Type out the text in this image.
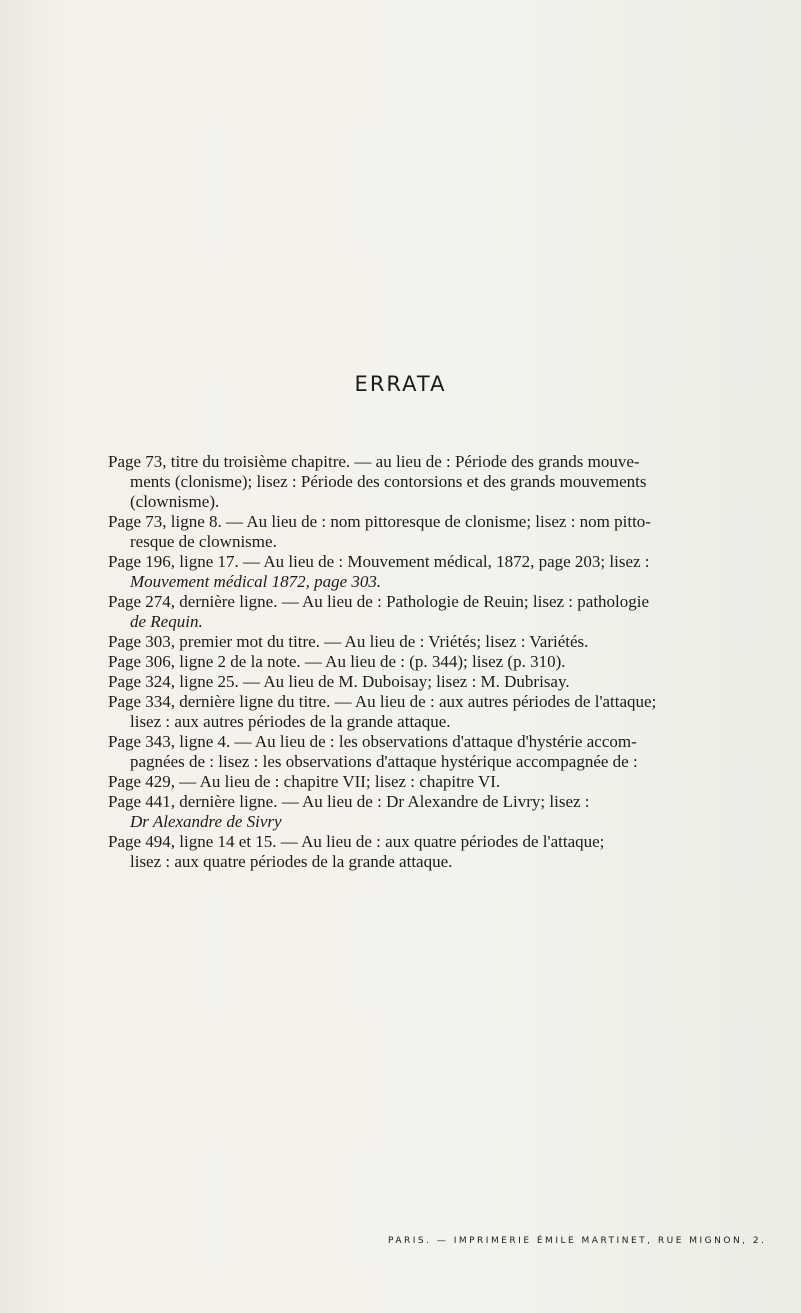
ERRATA

Page 73, titre du troisième chapitre. — au lieu de : Période des grands mouve-
ments (clonisme); lisez : Période des contorsions et des grands mouvements
(clownisme).

Page 73, ligne 8. — Au lieu de : nom pittoresque de clonisme; lisez : nom pitto-
resque de clownisme.

Page 196, ligne 17. — Au lieu de : Mouvement médical, 1872, page 203; lisez :
Mouvement médical 1872, page 303.

Page 274, dernière ligne. — Au lieu de : Pathologie de Reuin; lisez : pathologie
de Requin.

Page 303, premier mot du titre. — Au lieu de : Vriétés; lisez : Variétés.

Page 306, ligne 2 de la note. — Au lieu de : (p. 344); lisez (p. 310).

Page 324, ligne 25. — Au lieu de M. Duboisay; lisez : M. Dubrisay.

Page 334, dernière ligne du titre. — Au lieu de : aux autres périodes de l'attaque;
lisez : aux autres périodes de la grande attaque.

Page 343, ligne 4. — Au lieu de : les observations d'attaque d'hystérie accom-
pagnées de : lisez : les observations d'attaque hystérique accompagnée de :

Page 429, — Au lieu de : chapitre VII; lisez : chapitre VI.

Page 441, dernière ligne. — Au lieu de : Dr Alexandre de Livry; lisez :
Dr Alexandre de Sivry

Page 494, ligne 14 et 15. — Au lieu de : aux quatre périodes de l'attaque;
lisez : aux quatre périodes de la grande attaque.

PARIS. — IMPRIMERIE ÉMILE MARTINET, RUE MIGNON, 2.
